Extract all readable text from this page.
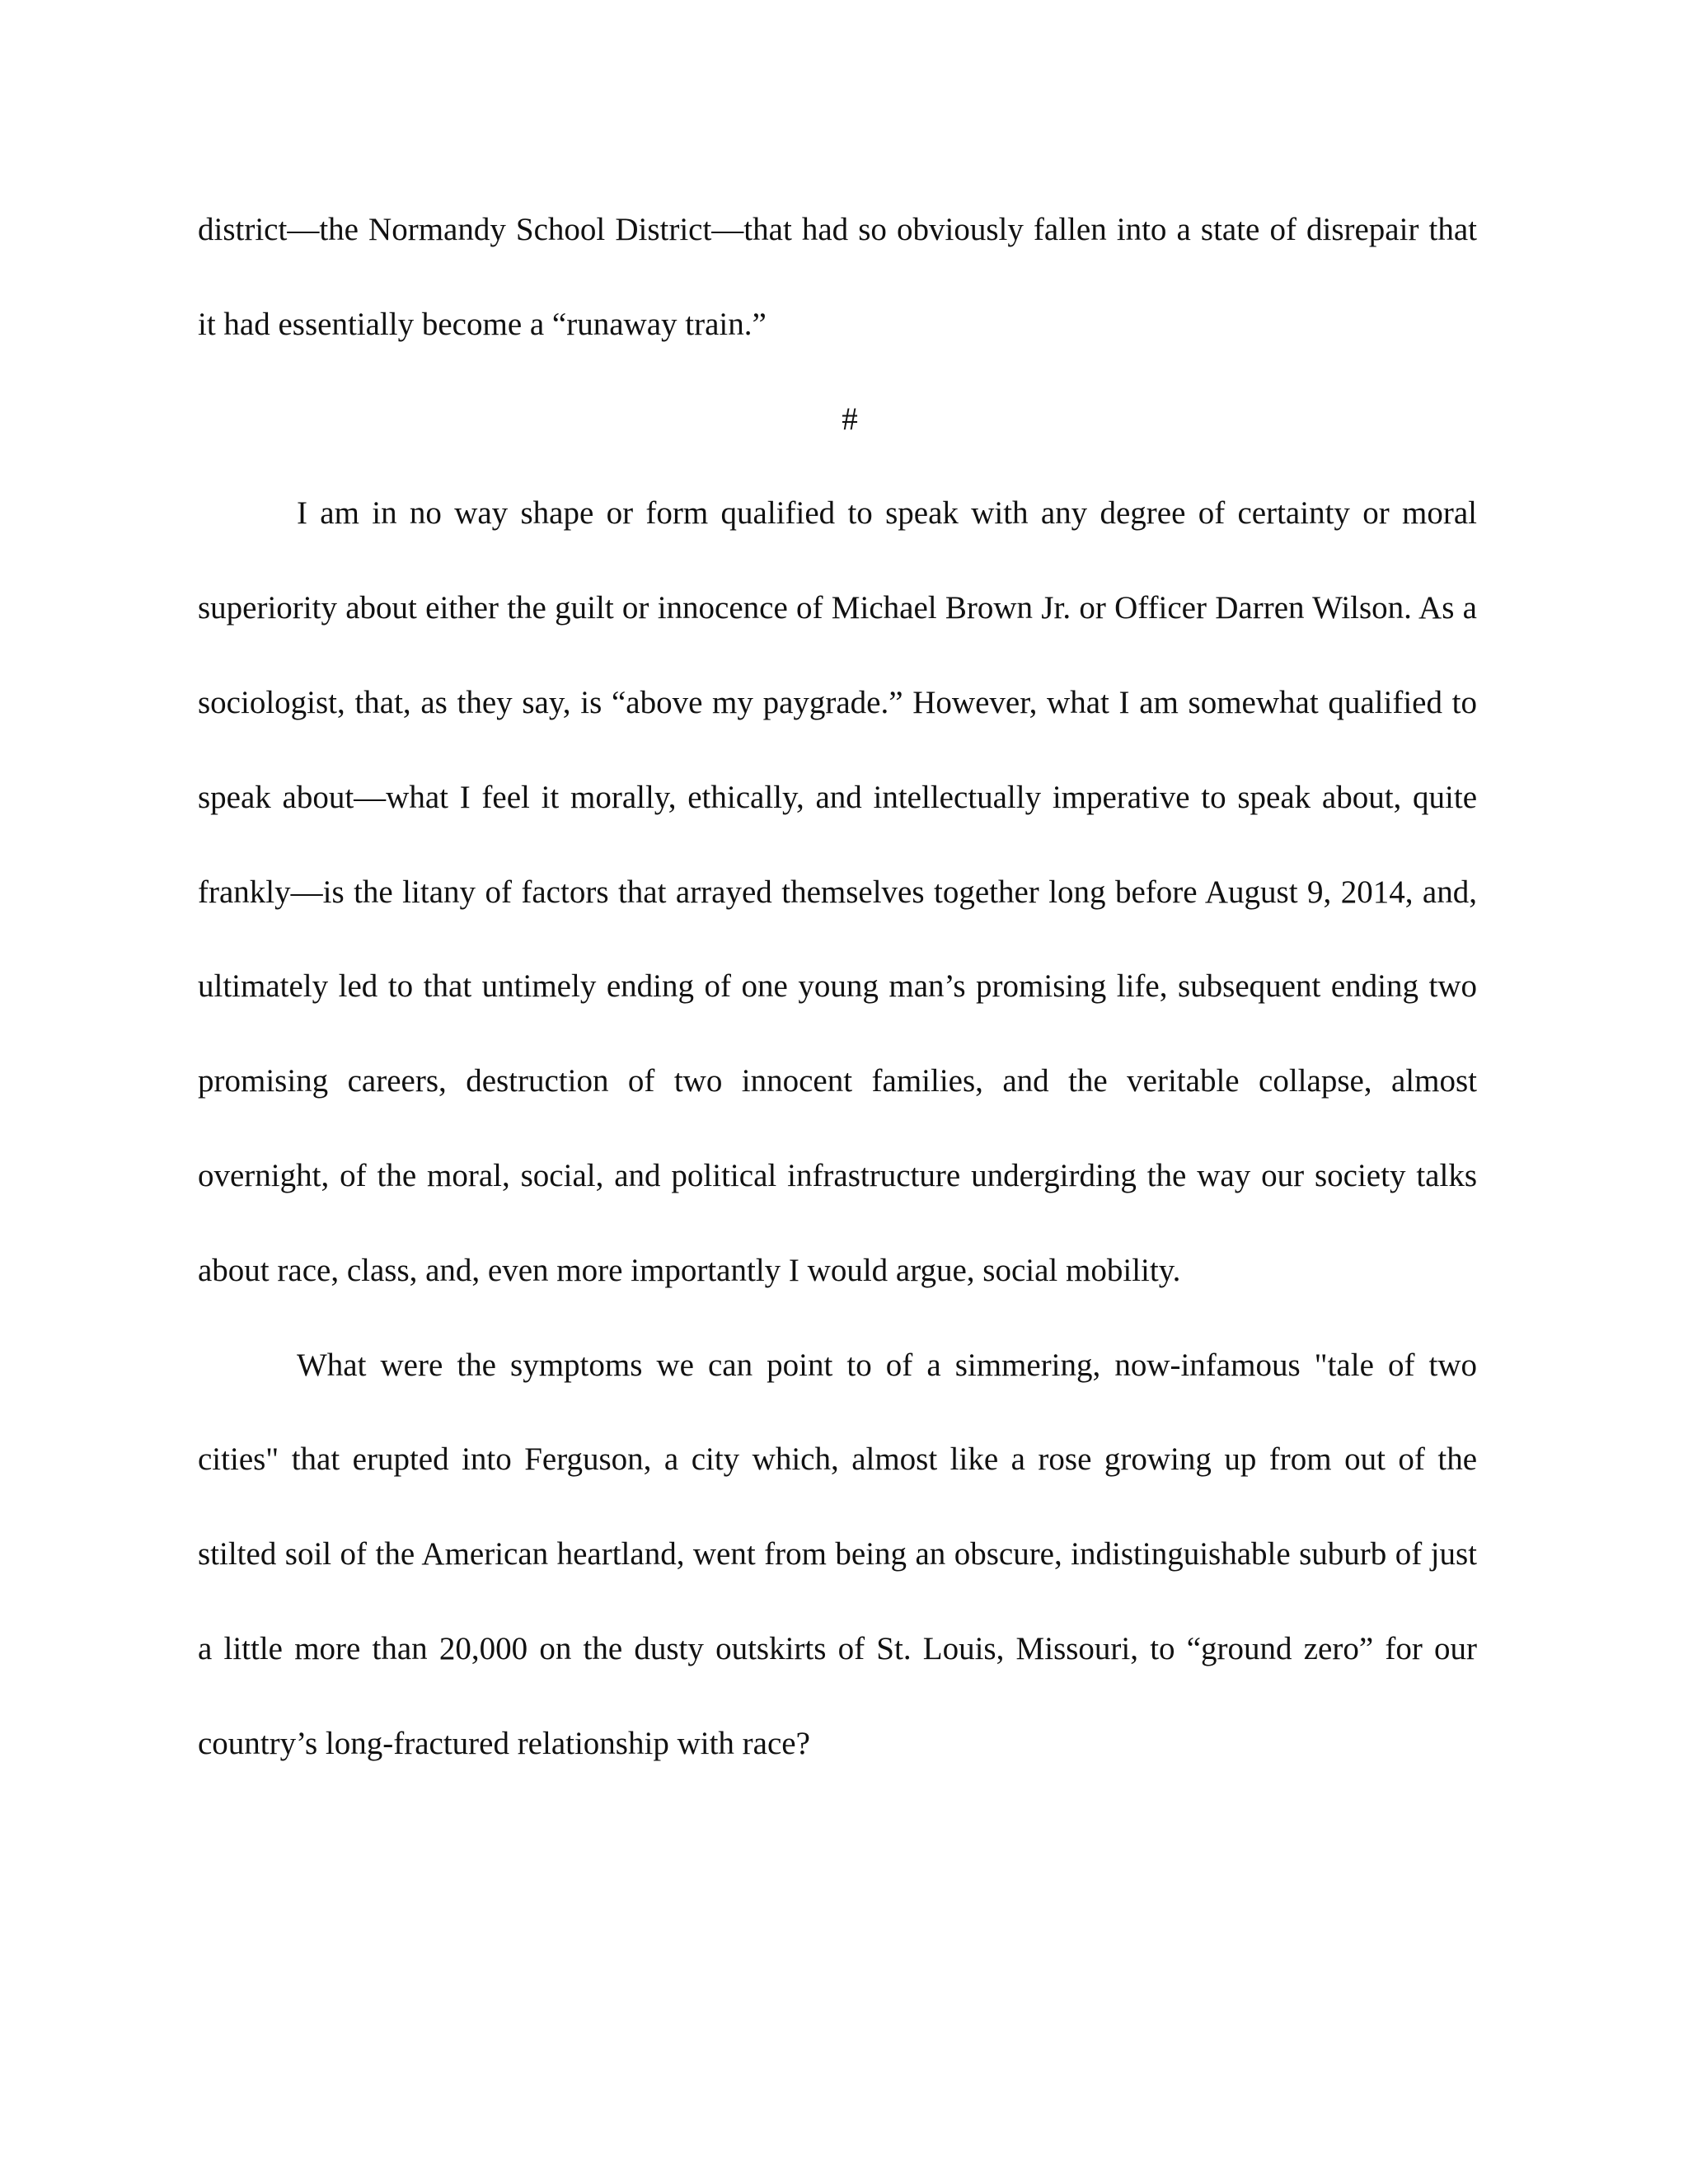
district—the Normandy School District—that had so obviously fallen into a state of disrepair that it had essentially become a “runaway train.”

#

I am in no way shape or form qualified to speak with any degree of certainty or moral superiority about either the guilt or innocence of Michael Brown Jr. or Officer Darren Wilson. As a sociologist, that, as they say, is “above my paygrade.” However, what I am somewhat qualified to speak about—what I feel it morally, ethically, and intellectually imperative to speak about, quite frankly—is the litany of factors that arrayed themselves together long before August 9, 2014, and, ultimately led to that untimely ending of one young man’s promising life, subsequent ending two promising careers, destruction of two innocent families, and the veritable collapse, almost overnight, of the moral, social, and political infrastructure undergirding the way our society talks about race, class, and, even more importantly I would argue, social mobility.

What were the symptoms we can point to of a simmering, now-infamous "tale of two cities" that erupted into Ferguson, a city which, almost like a rose growing up from out of the stilted soil of the American heartland, went from being an obscure, indistinguishable suburb of just a little more than 20,000 on the dusty outskirts of St. Louis, Missouri, to “ground zero” for our country’s long-fractured relationship with race?
